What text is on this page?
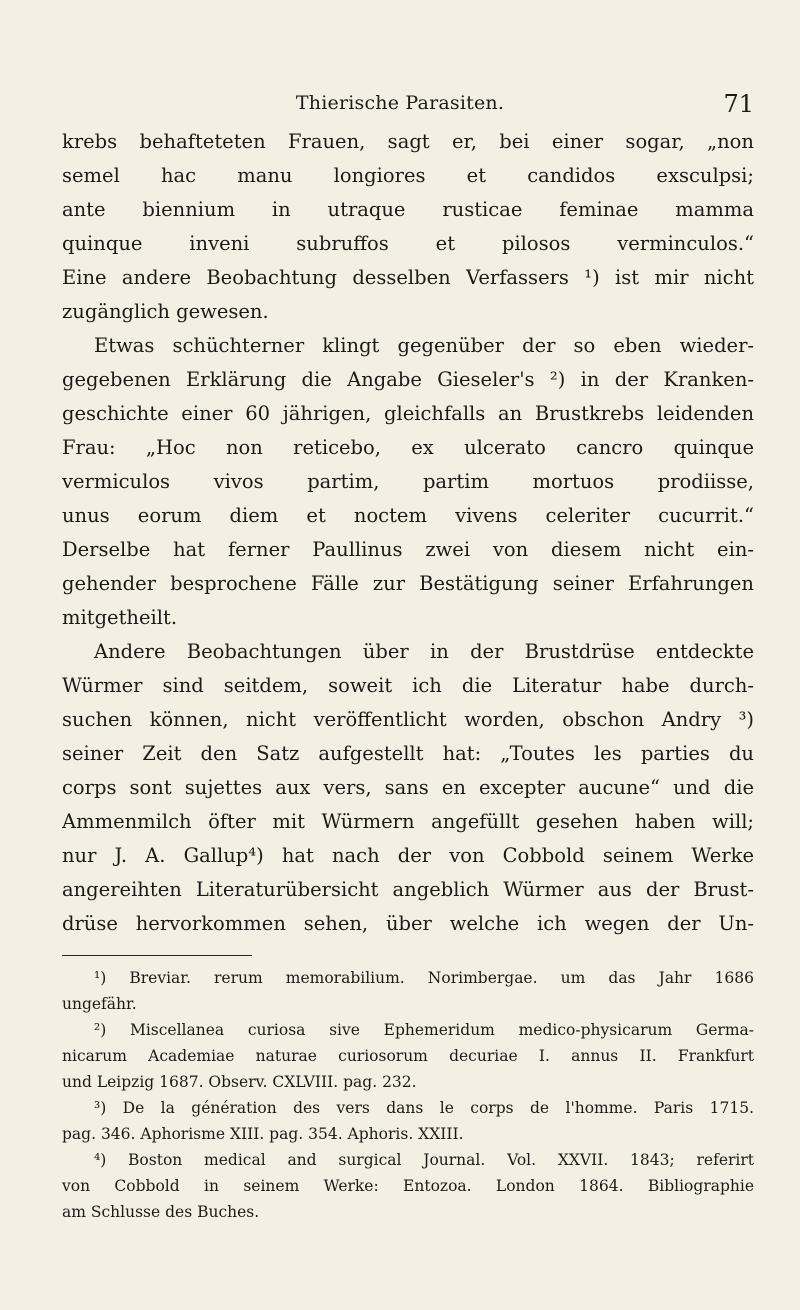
Thierische Parasiten.	71
krebs behafteteten Frauen, sagt er, bei einer sogar, „non
semel hac manu longiores et candidos exsculpsi;
ante biennium in utraque rusticae feminae mamma
quinque inveni subruffos et pilosos verminculos.“
Eine andere Beobachtung desselben Verfassers ¹) ist mir nicht
zugänglich gewesen.
Etwas schüchterner klingt gegenüber der so eben wieder-
gegebenen Erklärung die Angabe Gieseler's ²) in der Kranken-
geschichte einer 60 jährigen, gleichfalls an Brustkrebs leidenden
Frau: „Hoc non reticebo, ex ulcerato cancro quinque
vermiculos vivos partim, partim mortuos prodiisse,
unus eorum diem et noctem vivens celeriter cucurrit.“
Derselbe hat ferner Paullinus zwei von diesem nicht ein-
gehender besprochene Fälle zur Bestätigung seiner Erfahrungen
mitgetheilt.
Andere Beobachtungen über in der Brustdrüse entdeckte
Würmer sind seitdem, soweit ich die Literatur habe durch-
suchen können, nicht veröffentlicht worden, obschon Andry ³)
seiner Zeit den Satz aufgestellt hat: „Toutes les parties du
corps sont sujettes aux vers, sans en excepter aucune“ und die
Ammenmilch öfter mit Würmern angefüllt gesehen haben will;
nur J. A. Gallup⁴) hat nach der von Cobbold seinem Werke
angereihten Literaturübersicht angeblich Würmer aus der Brust-
drüse hervorkommen sehen, über welche ich wegen der Un-
¹) Breviar. rerum memorabilium. Norimbergae. um das Jahr 1686
ungefähr.
²) Miscellanea curiosa sive Ephemeridum medico-physicarum Germa-
nicarum Academiae naturae curiosorum decuriae I. annus II. Frankfurt
und Leipzig 1687. Observ. CXLVIII. pag. 232.
³) De la génération des vers dans le corps de l'homme. Paris 1715.
pag. 346. Aphorisme XIII. pag. 354. Aphoris. XXIII.
⁴) Boston medical and surgical Journal. Vol. XXVII. 1843; referirt
von Cobbold in seinem Werke: Entozoa. London 1864. Bibliographie
am Schlusse des Buches.
